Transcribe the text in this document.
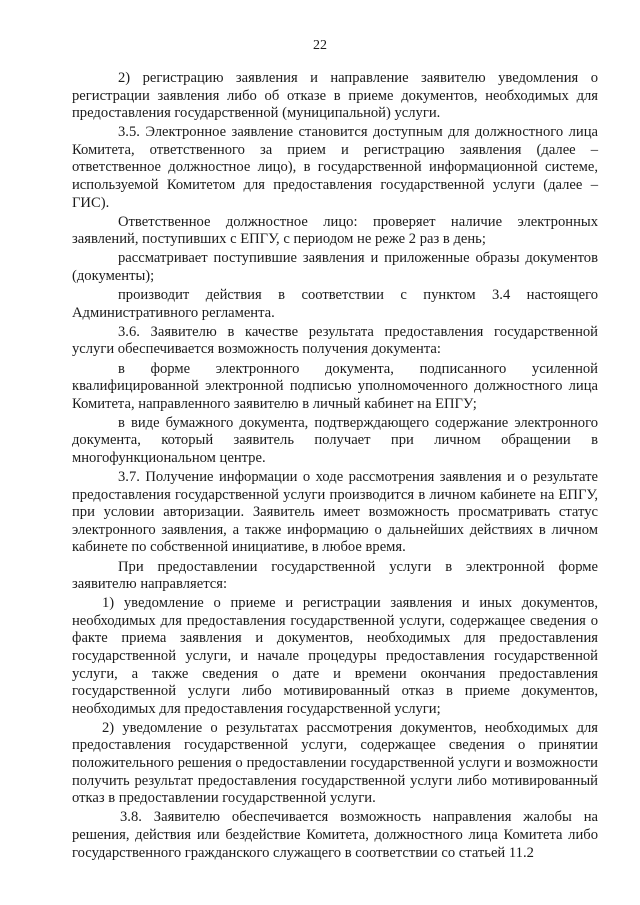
22

2) регистрацию заявления и направление заявителю уведомления о регистрации заявления либо об отказе в приеме документов, необходимых для предоставления государственной (муниципальной) услуги.

3.5. Электронное заявление становится доступным для должностного лица Комитета, ответственного за прием и регистрацию заявления (далее – ответственное должностное лицо), в государственной информационной системе, используемой Комитетом для предоставления государственной услуги (далее – ГИС).

Ответственное должностное лицо: проверяет наличие электронных заявлений, поступивших с ЕПГУ, с периодом не реже 2 раз в день;

рассматривает поступившие заявления и приложенные образы документов (документы);

производит действия в соответствии с пунктом 3.4 настоящего Административного регламента.

3.6. Заявителю в качестве результата предоставления государственной услуги обеспечивается возможность получения документа:

в форме электронного документа, подписанного усиленной квалифицированной электронной подписью уполномоченного должностного лица Комитета, направленного заявителю в личный кабинет на ЕПГУ;

в виде бумажного документа, подтверждающего содержание электронного документа, который заявитель получает при личном обращении в многофункциональном центре.

3.7. Получение информации о ходе рассмотрения заявления и о результате предоставления государственной услуги производится в личном кабинете на ЕПГУ, при условии авторизации. Заявитель имеет возможность просматривать статус электронного заявления, а также информацию о дальнейших действиях в личном кабинете по собственной инициативе, в любое время.

При предоставлении государственной услуги в электронной форме заявителю направляется:

1) уведомление о приеме и регистрации заявления и иных документов, необходимых для предоставления государственной услуги, содержащее сведения о факте приема заявления и документов, необходимых для предоставления государственной услуги, и начале процедуры предоставления государственной услуги, а также сведения о дате и времени окончания предоставления государственной услуги либо мотивированный отказ в приеме документов, необходимых для предоставления государственной услуги;

2) уведомление о результатах рассмотрения документов, необходимых для предоставления государственной услуги, содержащее сведения о принятии положительного решения о предоставлении государственной услуги и возможности получить результат предоставления государственной услуги либо мотивированный отказ в предоставлении государственной услуги.

3.8. Заявителю обеспечивается возможность направления жалобы на решения, действия или бездействие Комитета, должностного лица Комитета либо государственного гражданского служащего в соответствии со статьей 11.2
